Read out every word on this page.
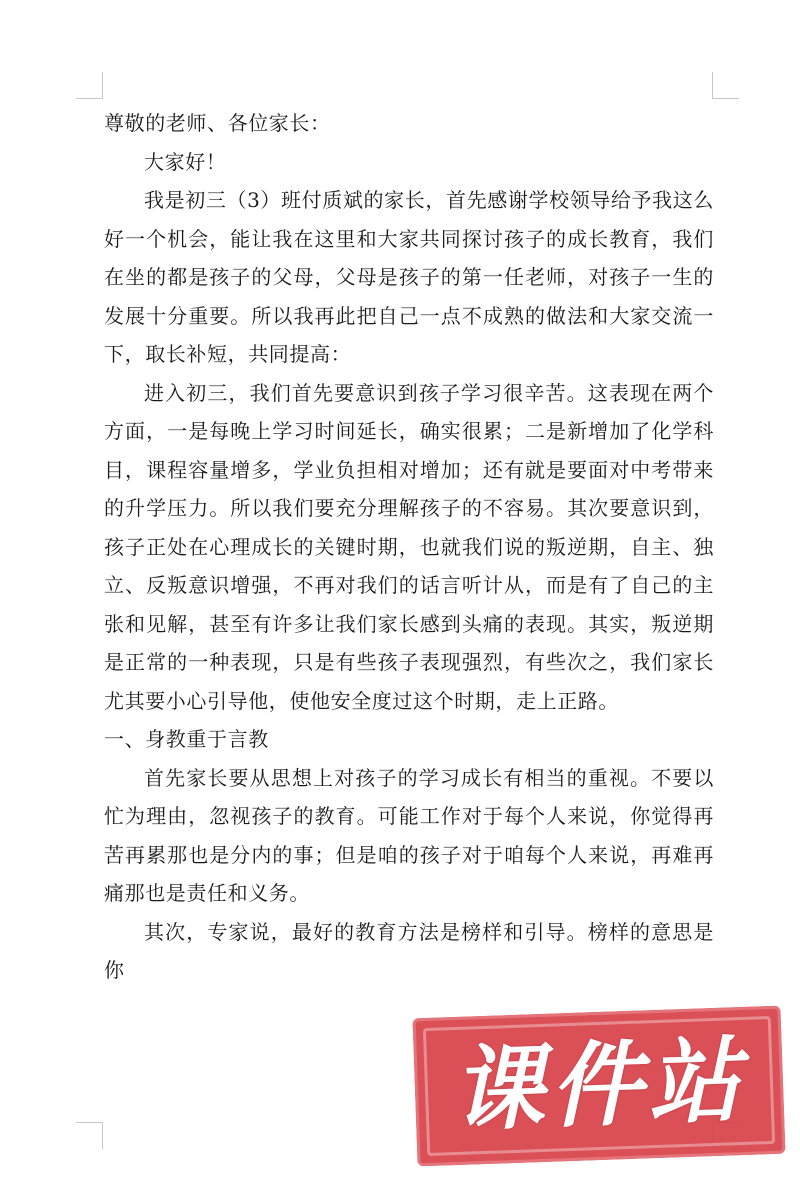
尊敬的老师、各位家长：

大家好！

我是初三（3）班付质斌的家长，首先感谢学校领导给予我这么好一个机会，能让我在这里和大家共同探讨孩子的成长教育，我们在坐的都是孩子的父母，父母是孩子的第一任老师，对孩子一生的发展十分重要。所以我再此把自己一点不成熟的做法和大家交流一下，取长补短，共同提高：

进入初三，我们首先要意识到孩子学习很辛苦。这表现在两个方面，一是每晚上学习时间延长，确实很累；二是新增加了化学科目，课程容量增多，学业负担相对增加；还有就是要面对中考带来的升学压力。所以我们要充分理解孩子的不容易。其次要意识到，孩子正处在心理成长的关键时期，也就我们说的叛逆期，自主、独立、反叛意识增强，不再对我们的话言听计从，而是有了自己的主张和见解，甚至有许多让我们家长感到头痛的表现。其实，叛逆期是正常的一种表现，只是有些孩子表现强烈，有些次之，我们家长尤其要小心引导他，使他安全度过这个时期，走上正路。

一、身教重于言教

首先家长要从思想上对孩子的学习成长有相当的重视。不要以忙为理由，忽视孩子的教育。可能工作对于每个人来说，你觉得再苦再累那也是分内的事；但是咱的孩子对于咱每个人来说，再难再痛那也是责任和义务。

其次，专家说，最好的教育方法是榜样和引导。榜样的意思是你

课件站
